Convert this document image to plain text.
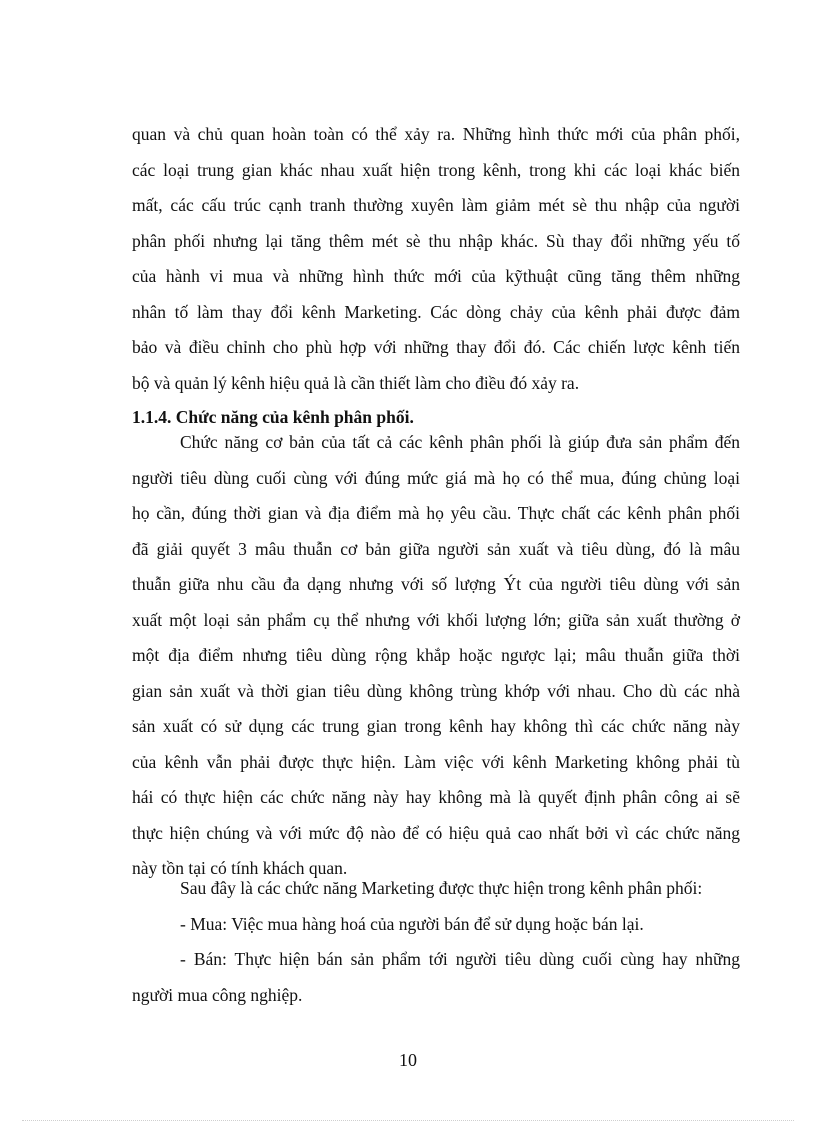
quan và chủ quan hoàn toàn có thể xảy ra. Những hình thức mới của phân phối,
các loại trung gian khác nhau xuất hiện trong kênh, trong khi các loại khác biến
mất, các cấu trúc cạnh tranh thường xuyên làm giảm mét sè thu nhập của người
phân phối nhưng lại tăng thêm mét sè thu nhập khác. Sù thay đổi những yếu tố
của hành vi mua và những hình thức mới của kỹthuật cũng tăng thêm những
nhân tố làm thay đổi kênh Marketing. Các dòng chảy của kênh phải được đảm
bảo và điều chỉnh cho phù hợp với những thay đổi đó. Các chiến lược kênh tiến
bộ và quản lý kênh hiệu quả là cần thiết làm cho điều đó xảy ra.
1.1.4. Chức năng của kênh phân phối.
Chức năng cơ bản của tất cả các kênh phân phối là giúp đưa sản phẩm đến
người tiêu dùng cuối cùng với đúng mức giá mà họ có thể mua, đúng chủng loại
họ cần, đúng thời gian và địa điểm mà họ yêu cầu. Thực chất các kênh phân phối
đã giải quyết 3 mâu thuẫn cơ bản giữa người sản xuất và tiêu dùng, đó là mâu
thuẫn giữa nhu cầu đa dạng nhưng với số lượng Ýt của người tiêu dùng với sản
xuất một loại sản phẩm cụ thể nhưng với khối lượng lớn; giữa sản xuất thường ở
một địa điểm nhưng tiêu dùng rộng khắp hoặc ngược lại; mâu thuẫn giữa thời
gian sản xuất và thời gian tiêu dùng không trùng khớp với nhau. Cho dù các nhà
sản xuất có sử dụng các trung gian trong kênh hay không thì các chức năng này
của kênh vẫn phải được thực hiện. Làm việc với kênh Marketing không phải tù
hái có thực hiện các chức năng này hay không mà là quyết định phân công ai sẽ
thực hiện chúng và với mức độ nào để có hiệu quả cao nhất bởi vì các chức năng
này tồn tại có tính khách quan.
Sau đây là các chức năng Marketing được thực hiện trong kênh phân phối:
- Mua: Việc mua hàng hoá của người bán để sử dụng hoặc bán lại.
- Bán: Thực hiện bán sản phẩm tới người tiêu dùng cuối cùng hay những
người mua công nghiệp.
10
